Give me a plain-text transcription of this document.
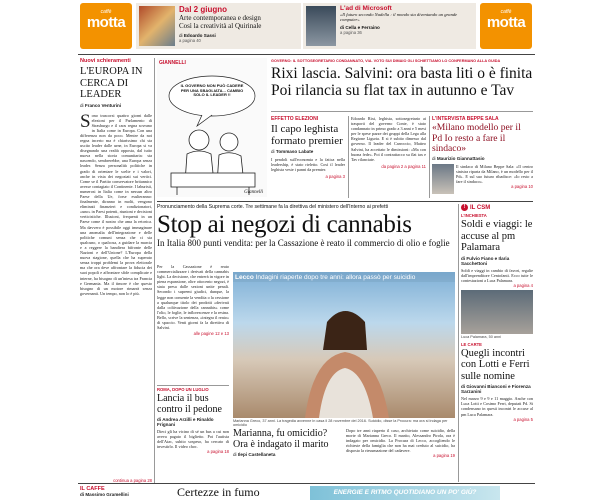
caffè
motta
Dal 2 giugno
Arte contemporanea e design
Così la creatività al Quirinale
di Edoardo Sassi
a pagina 40
L'ad di Microsoft
«Il futuro secondo Nadella : il mondo sta diventando un grande computer»
di Cella e Ferraino
a pagina 36
caffè
motta
Nuovi schieramenti
L'EUROPA IN CERCA DI LEADER
di Franco Venturini
Sono trascorsi quattro giorni dalle elezioni per il Parlamento di Strasburgo e il caos regna sovrano in Italia come in Europa. Con una differenza non da poco. Mentre da noi regna incerto ma è chiarissimo chi sta uscito leader dalle urne, in Europa si va disegnando una realtà opposta, dal tutto nuova nella storia comunitaria: sta nascendo, sembrerebbe, una Europa senza leader. Senza personalità politiche in grado di orientare le scelte e i valori, anche in vista dei negoziati sui vertici. Come se il Partito conservatore britannico avesse contagiato il Continente. I laburisti, numerosi in Italia come in nessun altro Paese della Ue, forse esulteranno: finalmente, diranno in molti, vengono eliminati finanzieri e condizionatori, «uno» in Paesi potenti, riunioni e decisioni verticistiche. Illusioni, frequenti in un Paese come il nostro che ama la retorica. Ma davvero è possibile oggi immaginare una anomalia dell'integrazione e delle politiche comuni senza che ci sia qualcuno, o qualcosa, a guidare la marcia e a reggere la bandiera bifronte delle Nazioni e dell'Unione? L'Europa della nuova stagione, quella che ha superato senza troppi problemi la prova elettorale ma che ora deve affrontare la fiducia dei suoi popoli e affrontare sfide complicate e interne, ha bisogno di un'intesa tra Francia e Germania. Ma il timore è che questo bisogno di un motore rimarrà senza governanti. Un tempo, non lo è più.
continua a pagina 28
GIANNELLI
IL GOVERNO NON PUÒ CADERE PER UNA SBAGLIATA... CAMBIO SOLO IL LEADER !!
Giannelli
GOVERNO: IL SOTTOSEGRETARIO CONDANNATO, VIA. VOTO SUI DIMAIO GLI SCHIETTIAMO LO CONFERMANO ALLA GUIDA
Rixi lascia. Salvini: ora basta liti o è finita
Poi rilancia su flat tax in autunno e Tav
EFFETTO ELEZIONI
Il capo leghista formato premier
di Tommaso Labate
I pendoli sull'economia e la fatica nella leadership, è stato rieletto. Così il leader leghista veste i panni da premier.
a pagina 3
Edoardo Rixi, leghista, sottosegretario ai trasporti del governo Conte, è stato condannato in primo grado a 3 anni e 5 mesi per le spese pazze dei gruppi della Lega alla Regione Liguria. E si è subito dimesso dal governo. Il leader del Carroccio, Matteo Salvini, ha accettato le dimissioni: «Ma con buona fede». Poi il contrattacco su flat tax e Tav rilanciate.
da pagina 2 a pagina 11
L'INTERVISTA BEPPE SALA
«Milano modello per il Pd Io resto a fare il sindaco»
di Maurizio Giannattasio
Il sindaco di Milano Beppe Sala: «Il centro sinistra riparta da Milano, è un modello per il Pd». E sul suo futuro ribadisce: «Io resto a fare il sindaco».
a pagina 10
Pronunciamento della Suprema corte. Tre settimane fa la direttiva del ministero dell'Interno ai prefetti
Stop ai negozi di cannabis
In Italia 800 punti vendita: per la Cassazione è reato il commercio di olio e foglie
Per la Cassazione è reato commercializzare i derivati della cannabis light. La decisione, che entrerà in vigore in piena espansione, oltre ottocento negozi, è stata presa dalle sezioni unite penali. Secondo i supremi giudici, dunque, la legge non consente la vendita o la cessione a qualunque titolo dei prodotti «derivati dalla coltivazione della cannabis» come l'olio, le foglie, le inflorescenze e la resina. Bello, scrive la sentenza, «integra il reato» di spaccio. Venti giorni fa la direttiva di Salvini.
alle pagine 12 e 13
Lecco Indagini riaperte dopo tre anni: allora passò per suicidio
Marianna Greco, 37 anni. La tragedia avvenne in casa il 28 novembre del 2016. Suicidio, disse la Procura: ma ora si indaga per omicidio
Marianna, fu omicidio? Ora è indagato il marito
di Ilepi Castellaneta
Dopo tre anni riaperto il caso, archiviato come suicidio, della morte di Marianna Greco. Il marito, Alessandro Pirola, ora è indagato per omicidio. La Procura di Lecco, accogliendo le richieste della famiglia che non ha mai creduto al suicidio, ha disposto la riesumazione del cadavere.
a pagina 19
ROMA, DOPO UN LUGLIO
Lancia il bus contro il pedone
di Andrea Arzilli e Rinaldo Frignani
Dieci gli ha vicino di sé un bus a cui non aveva pagato il biglietto. Poi l'autista dell'Atac, subito sospeso, ha cercato di investirlo. Il video choc.
a pagina 18
! IL CSM
L'INCHIESTA
Soldi e viaggi: le accuse al pm Palamara
di Fulvio Fiano e Ilaria Sacchettoni
Soldi e viaggi in cambio di favori, regalie dall'imprenditore Centofanti. Ecco tutte le contestazioni a Luca Palamara.
a pagina 4
Luca Palamara, 50 anni
LE CARTE
Quegli incontri con Lotti e Ferri sulle nomine
di Giovanni Bianconi e Fiorenza Sarzanini
Nel marzo 9 e 9 e 11 maggio. Anche con Luca Lotti e Cosimo Ferri, deputati Pd. Si condensano in questi incontri le accuse al pm Luca Palamara.
a pagina 5
IL CAFFÈ
di Massimo Gramellini	Certezze in fumo	ENERGIE E RITMO QUOTIDIANO UN PO' GIÙ?
